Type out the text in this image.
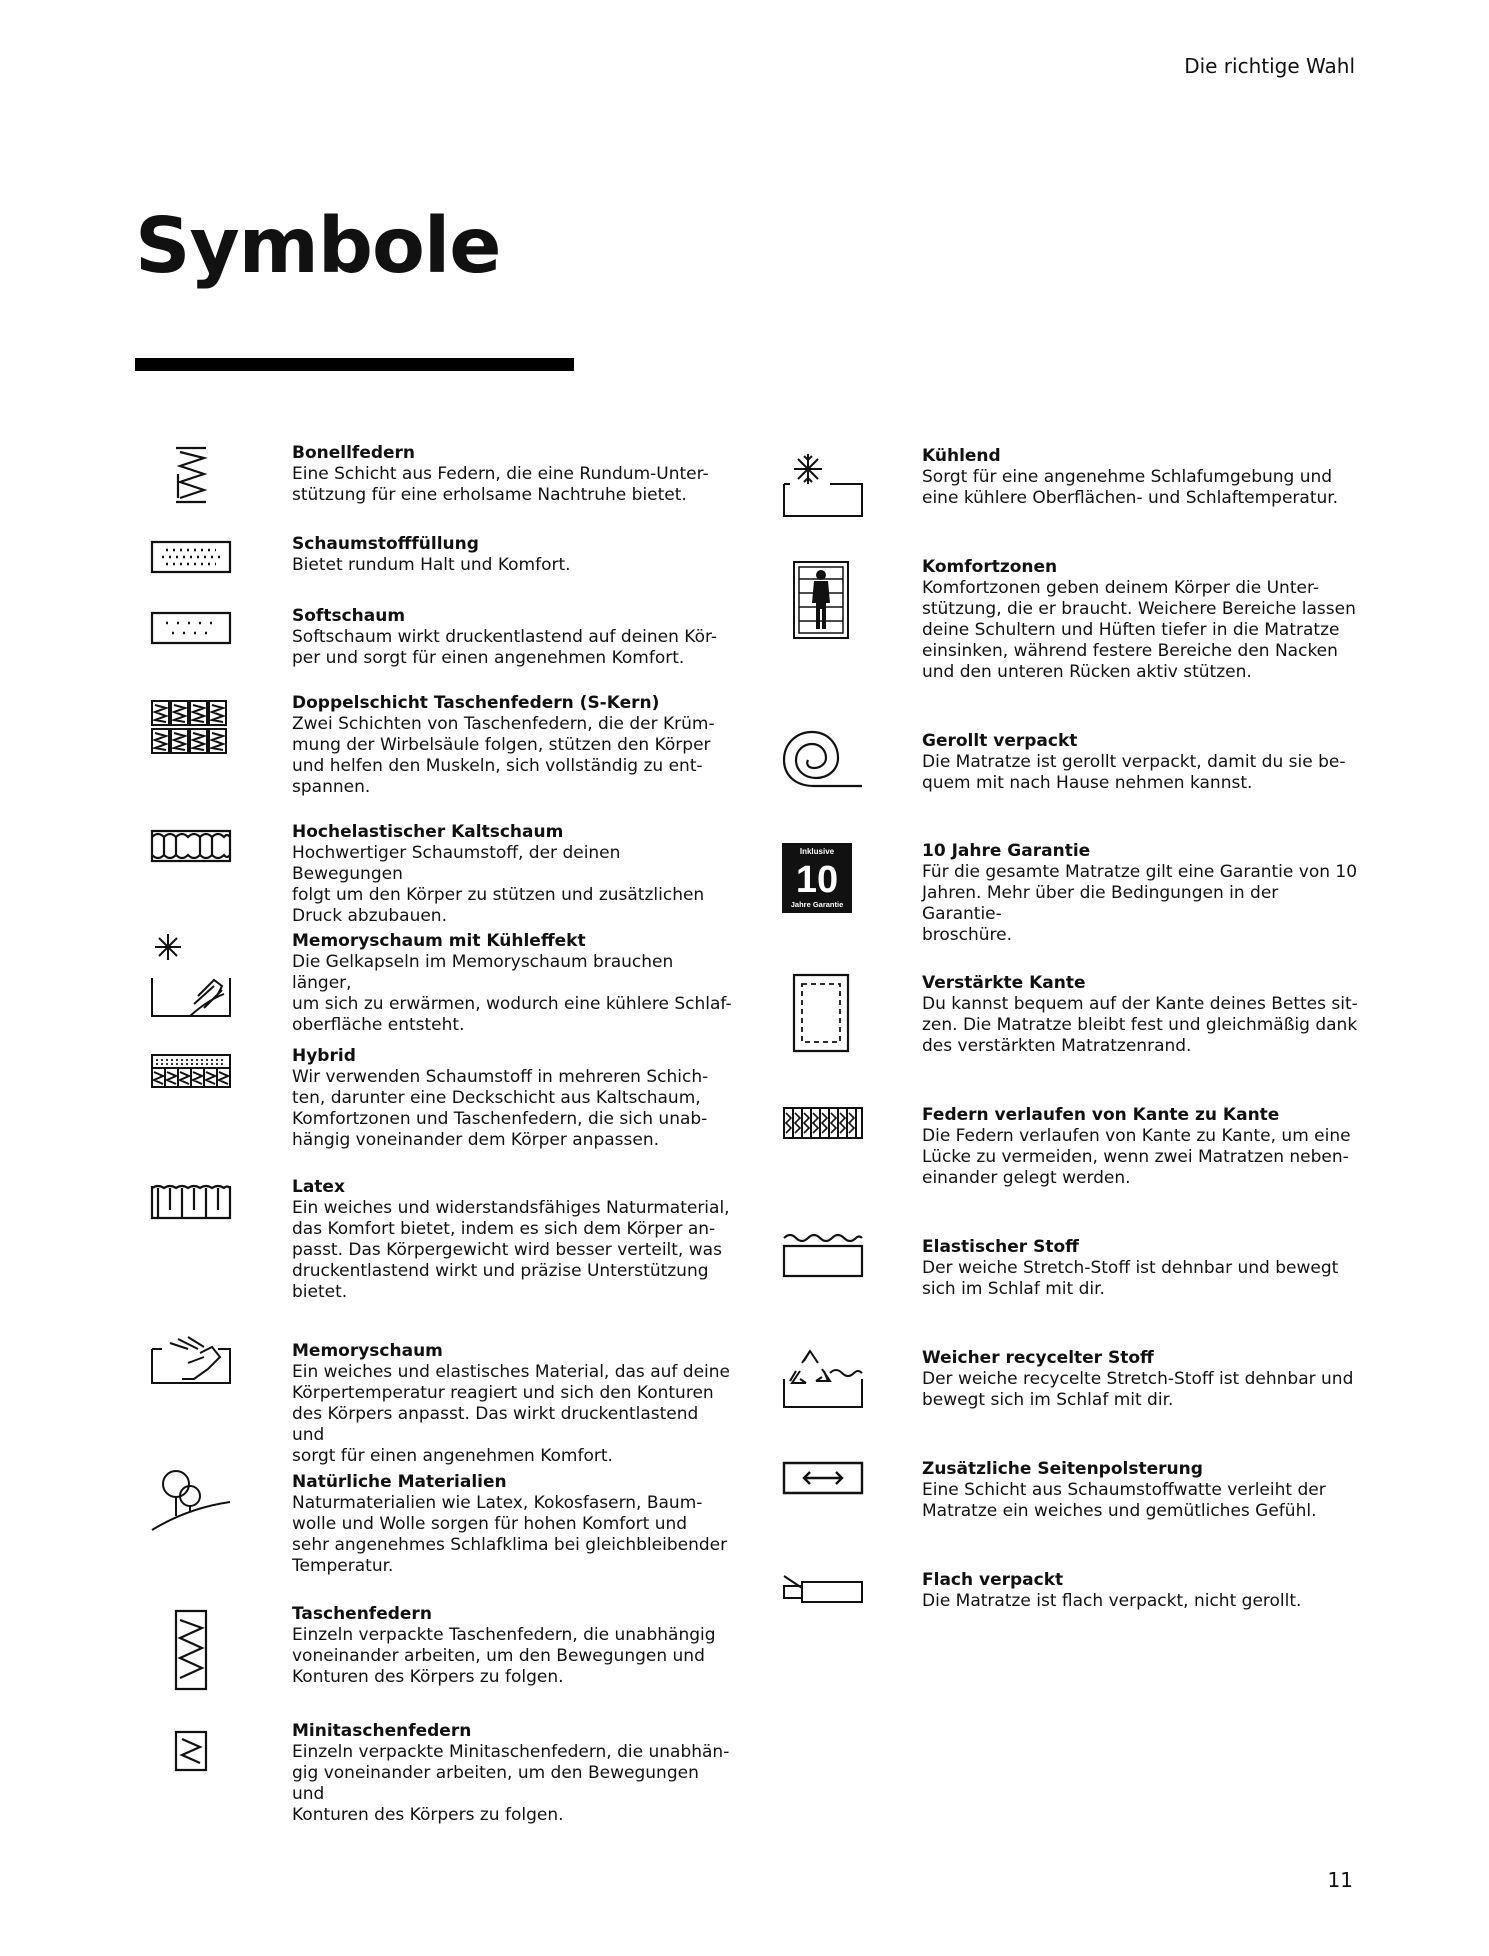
Die richtige Wahl
Symbole
Bonellfedern
Eine Schicht aus Federn, die eine Rundum-Unter-
stützung für eine erholsame Nachtruhe bietet.
Schaumstofffüllung
Bietet rundum Halt und Komfort.
Softschaum
Softschaum wirkt druckentlastend auf deinen Kör-
per und sorgt für einen angenehmen Komfort.
Doppelschicht Taschenfedern (S-Kern)
Zwei Schichten von Taschenfedern, die der Krüm-
mung der Wirbelsäule folgen, stützen den Körper
und helfen den Muskeln, sich vollständig zu ent-
spannen.
Hochelastischer Kaltschaum
Hochwertiger Schaumstoff, der deinen Bewegungen
folgt um den Körper zu stützen und zusätzlichen
Druck abzubauen.
Memoryschaum mit Kühleffekt
Die Gelkapseln im Memoryschaum brauchen länger,
um sich zu erwärmen, wodurch eine kühlere Schlaf-
oberfläche entsteht.
Hybrid
Wir verwenden Schaumstoff in mehreren Schich-
ten, darunter eine Deckschicht aus Kaltschaum,
Komfortzonen und Taschenfedern, die sich unab-
hängig voneinander dem Körper anpassen.
Latex
Ein weiches und widerstandsfähiges Naturmaterial,
das Komfort bietet, indem es sich dem Körper an-
passt. Das Körpergewicht wird besser verteilt, was
druckentlastend wirkt und präzise Unterstützung
bietet.
Memoryschaum
Ein weiches und elastisches Material, das auf deine
Körpertemperatur reagiert und sich den Konturen
des Körpers anpasst. Das wirkt druckentlastend und
sorgt für einen angenehmen Komfort.
Natürliche Materialien
Naturmaterialien wie Latex, Kokosfasern, Baum-
wolle und Wolle sorgen für hohen Komfort und
sehr angenehmes Schlafklima bei gleichbleibender
Temperatur.
Taschenfedern
Einzeln verpackte Taschenfedern, die unabhängig
voneinander arbeiten, um den Bewegungen und
Konturen des Körpers zu folgen.
Minitaschenfedern
Einzeln verpackte Minitaschenfedern, die unabhän-
gig voneinander arbeiten, um den Bewegungen und
Konturen des Körpers zu folgen.
Kühlend
Sorgt für eine angenehme Schlafumgebung und
eine kühlere Oberflächen- und Schlaftemperatur.
Komfortzonen
Komfortzonen geben deinem Körper die Unter-
stützung, die er braucht. Weichere Bereiche lassen
deine Schultern und Hüften tiefer in die Matratze
einsinken, während festere Bereiche den Nacken
und den unteren Rücken aktiv stützen.
Gerollt verpackt
Die Matratze ist gerollt verpackt, damit du sie be-
quem mit nach Hause nehmen kannst.
Inklusive
10
Jahre Garantie
10 Jahre Garantie
Für die gesamte Matratze gilt eine Garantie von 10
Jahren. Mehr über die Bedingungen in der Garantie-
broschüre.
Verstärkte Kante
Du kannst bequem auf der Kante deines Bettes sit-
zen. Die Matratze bleibt fest und gleichmäßig dank
des verstärkten Matratzenrand.
Federn verlaufen von Kante zu Kante
Die Federn verlaufen von Kante zu Kante, um eine
Lücke zu vermeiden, wenn zwei Matratzen neben-
einander gelegt werden.
Elastischer Stoff
Der weiche Stretch-Stoff ist dehnbar und bewegt
sich im Schlaf mit dir.
Weicher recycelter Stoff
Der weiche recycelte Stretch-Stoff ist dehnbar und
bewegt sich im Schlaf mit dir.
Zusätzliche Seitenpolsterung
Eine Schicht aus Schaumstoffwatte verleiht der
Matratze ein weiches und gemütliches Gefühl.
Flach verpackt
Die Matratze ist flach verpackt, nicht gerollt.
11
